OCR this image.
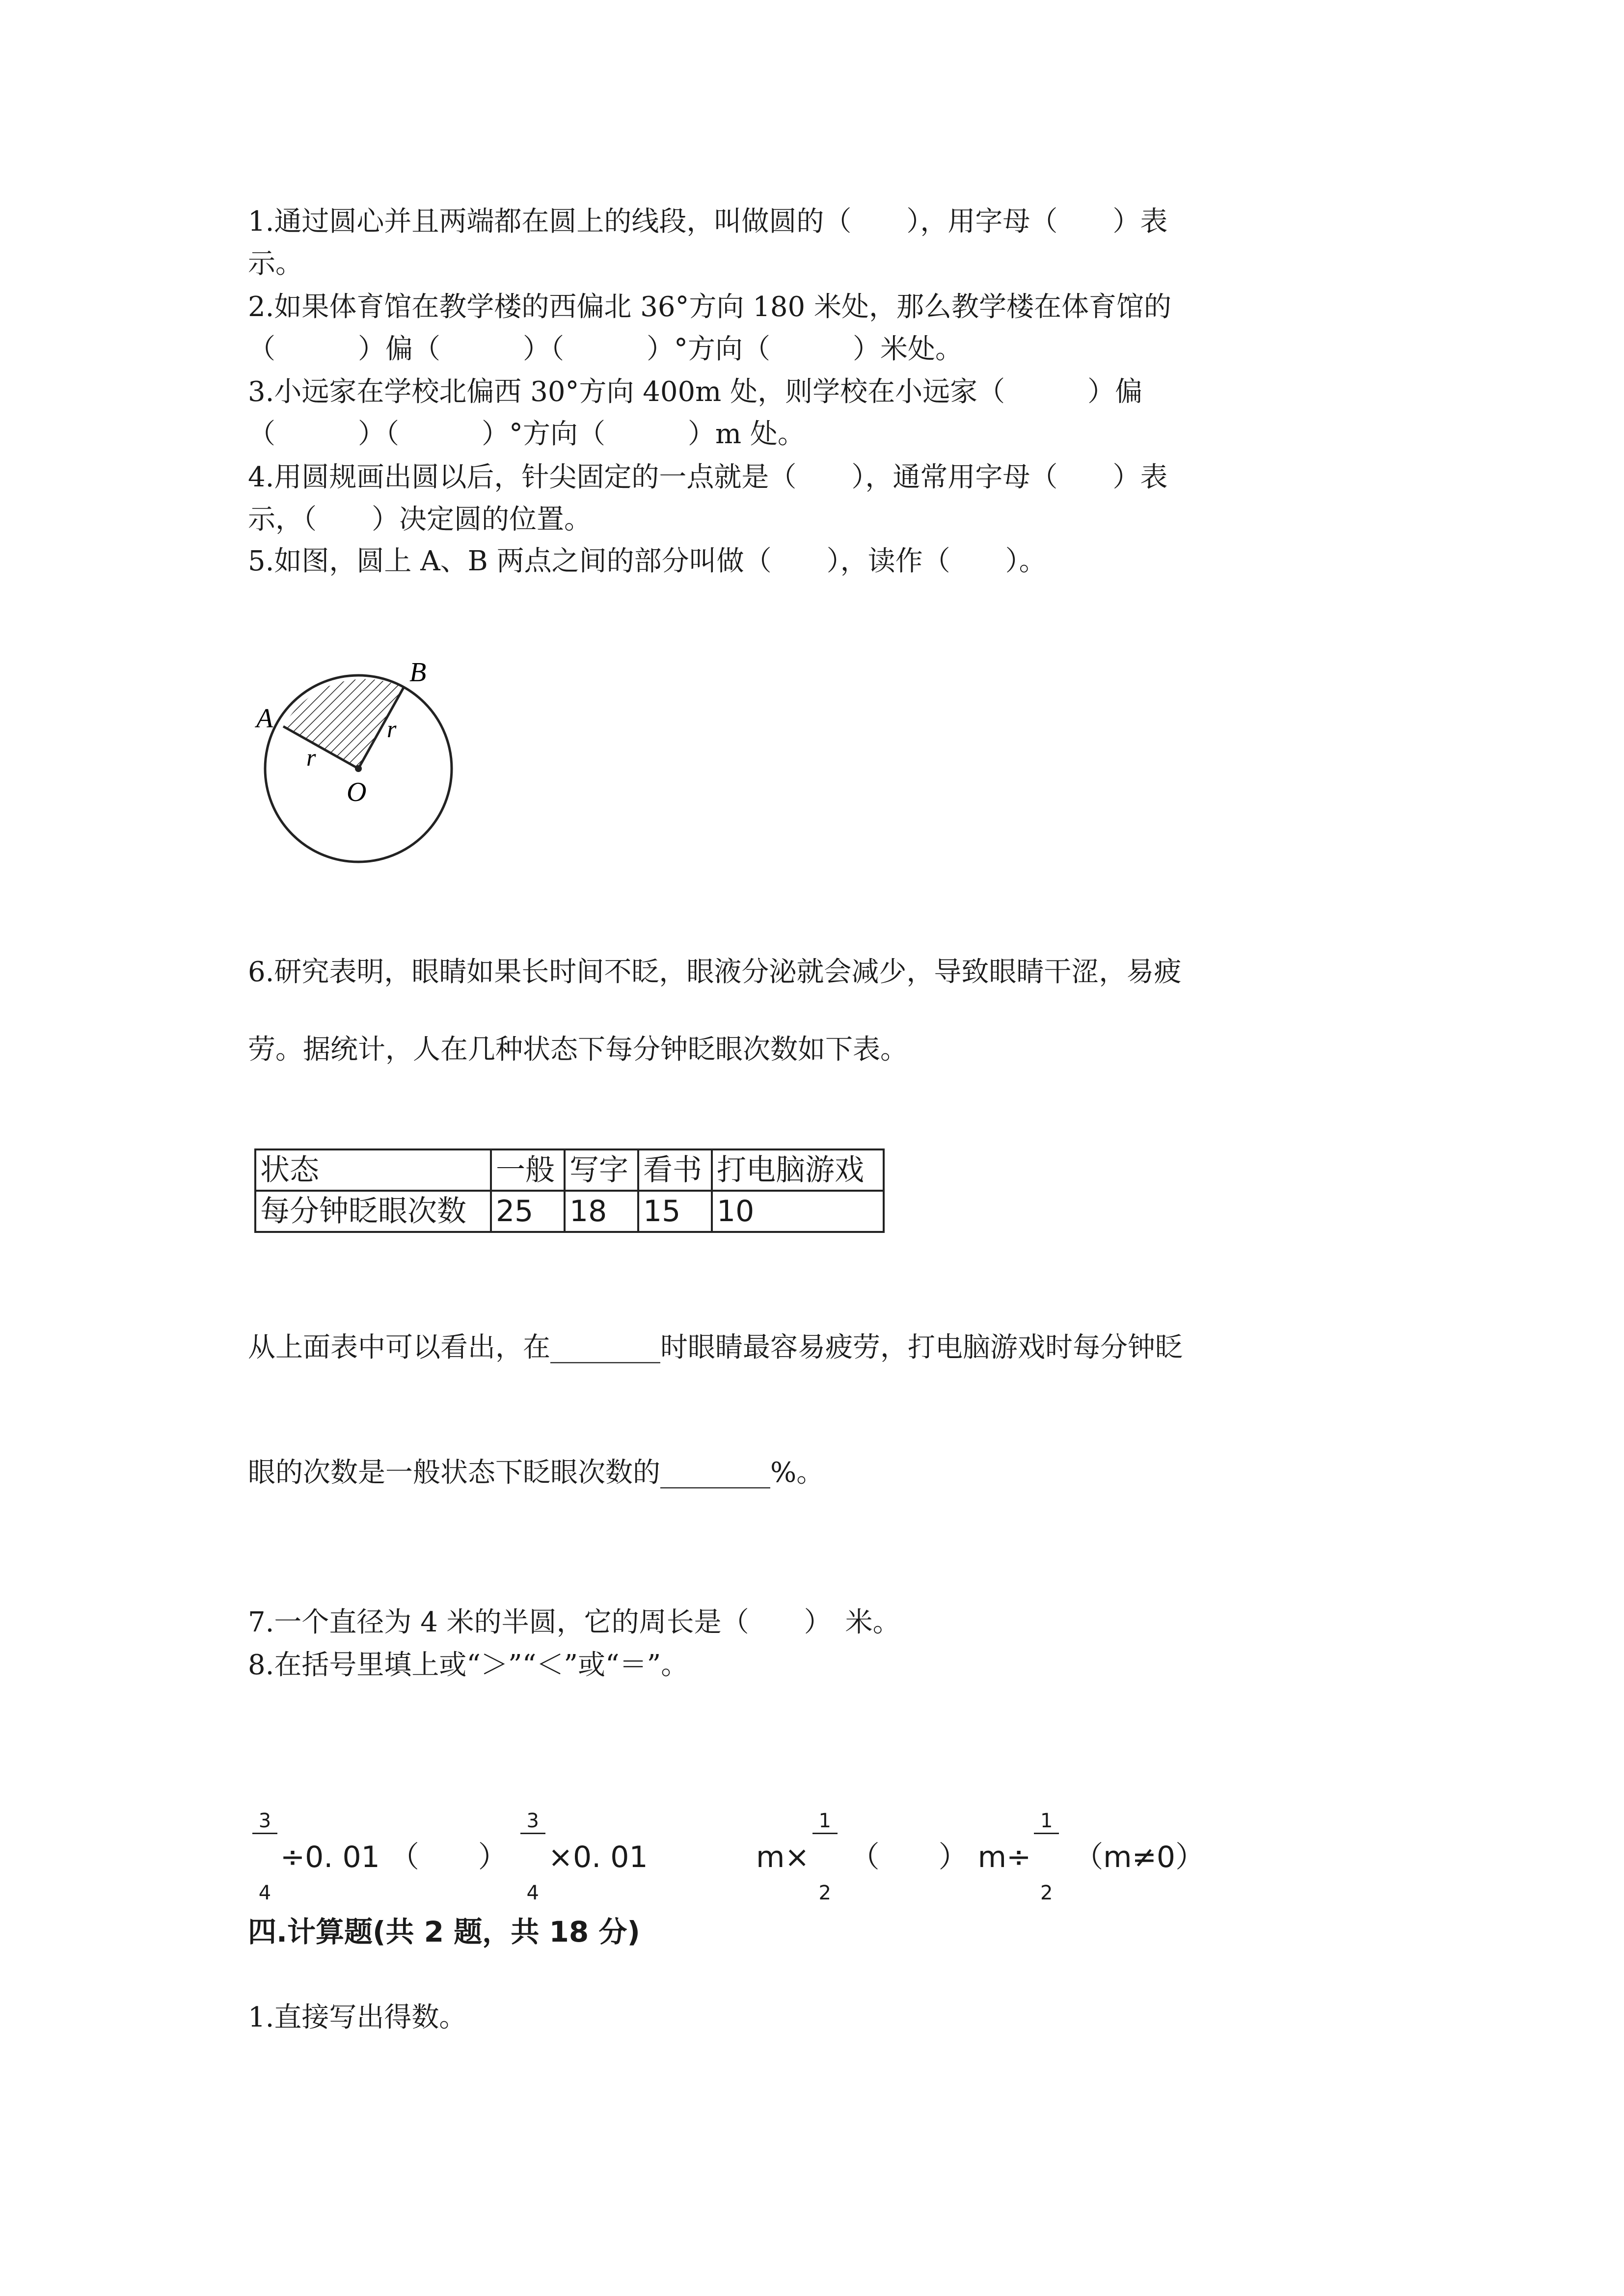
1.通过圆心并且两端都在圆上的线段，叫做圆的（　　），用字母（　　）表
示。
2.如果体育馆在教学楼的西偏北 36°方向 180 米处，那么教学楼在体育馆的
（　　　）偏（　　　）（　　　）°方向（　　　）米处。
3.小远家在学校北偏西 30°方向 400m 处，则学校在小远家（　　　）偏
（　　　）（　　　）°方向（　　　）m 处。
4.用圆规画出圆以后，针尖固定的一点就是（　　），通常用字母（　　）表
示，（　　）决定圆的位置。
5.如图，圆上 A、B 两点之间的部分叫做（　　），读作（　　）。
A
B
O
r
r
6.研究表明，眼睛如果长时间不眨，眼液分泌就会减少，导致眼睛干涩，易疲
劳。据统计，人在几种状态下每分钟眨眼次数如下表。
状态	一般	写字	看书	打电脑游戏
每分钟眨眼次数	25	18	15	10
从上面表中可以看出，在________时眼睛最容易疲劳，打电脑游戏时每分钟眨
眼的次数是一般状态下眨眼次数的________%。
7.一个直径为 4 米的半圆，它的周长是（　　）　米。
8.在括号里填上或“＞”“＜”或“＝”。

$\frac{3}{4}$

÷0. 01 （　　）

$\frac{3}{4}$

×0. 01	m×

$\frac{1}{2}$

（　　） m÷

$\frac{1}{2}$

（m≠0）
四.计算题(共 2 题，共 18 分)
1.直接写出得数。
